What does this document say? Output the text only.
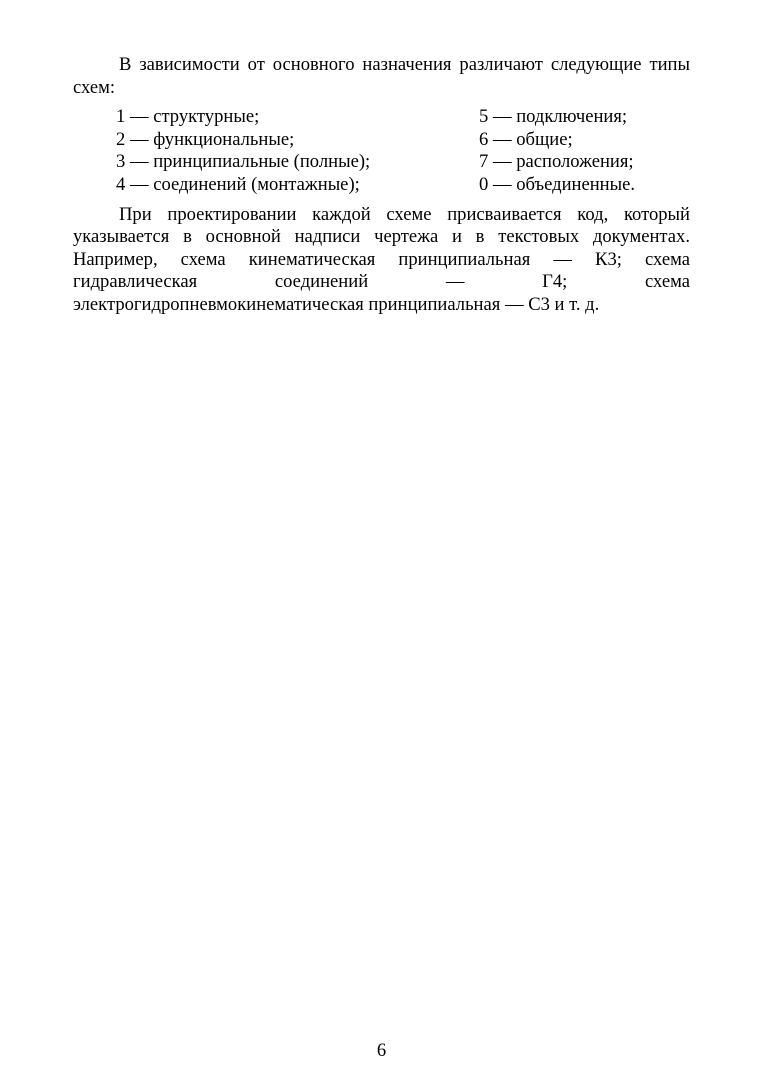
В зависимости от основного назначения различают следующие типы схем:

1 — структурные;	5 — подключения;
2 — функциональные;	6 — общие;
3 — принципиальные (полные);	7 — расположения;
4 — соединений (монтажные);	0 — объединенные.

При проектировании каждой схеме присваивается код, который указывается в основной надписи чертежа и в текстовых документах. Например, схема кинематическая принципиальная — К3; схема гидравлическая соединений — Г4; схема электрогидропневмокинематическая принципиальная — С3 и т. д.

6
